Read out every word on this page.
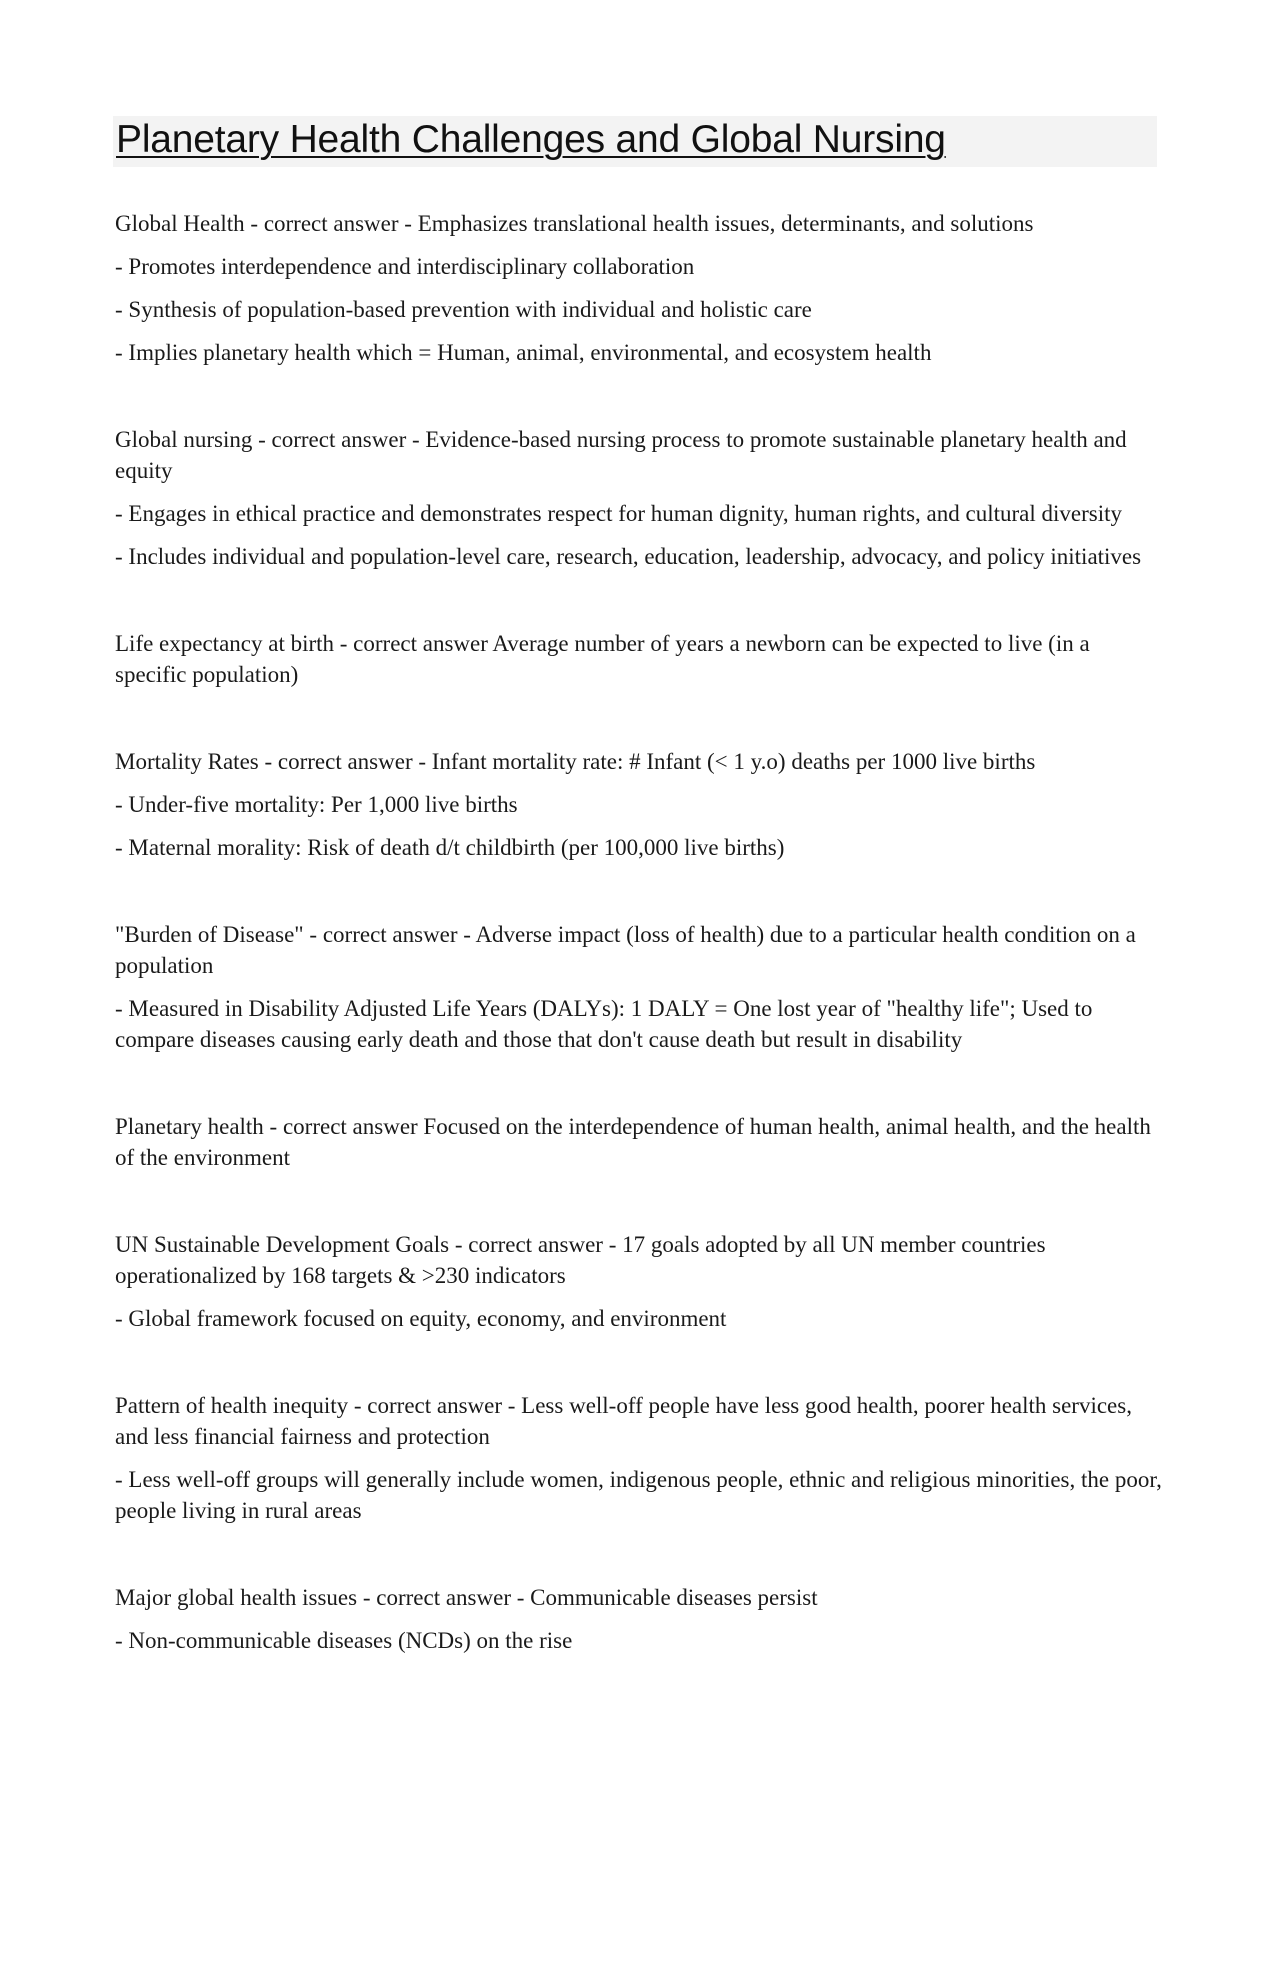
Planetary Health Challenges and Global Nursing

Global Health - correct answer - Emphasizes translational health issues, determinants, and solutions

- Promotes interdependence and interdisciplinary collaboration

- Synthesis of population-based prevention with individual and holistic care

- Implies planetary health which = Human, animal, environmental, and ecosystem health

Global nursing - correct answer - Evidence-based nursing process to promote sustainable planetary health and equity

- Engages in ethical practice and demonstrates respect for human dignity, human rights, and cultural diversity

- Includes individual and population-level care, research, education, leadership, advocacy, and policy initiatives

Life expectancy at birth - correct answer Average number of years a newborn can be expected to live (in a specific population)

Mortality Rates - correct answer - Infant mortality rate: # Infant (< 1 y.o) deaths per 1000 live births

- Under-five mortality: Per 1,000 live births

- Maternal morality: Risk of death d/t childbirth (per 100,000 live births)

"Burden of Disease" - correct answer - Adverse impact (loss of health) due to a particular health condition on a population

- Measured in Disability Adjusted Life Years (DALYs): 1 DALY = One lost year of "healthy life"; Used to compare diseases causing early death and those that don't cause death but result in disability

Planetary health - correct answer Focused on the interdependence of human health, animal health, and the health of the environment

UN Sustainable Development Goals - correct answer - 17 goals adopted by all UN member countries operationalized by 168 targets & >230 indicators

- Global framework focused on equity, economy, and environment

Pattern of health inequity - correct answer - Less well-off people have less good health, poorer health services, and less financial fairness and protection

- Less well-off groups will generally include women, indigenous people, ethnic and religious minorities, the poor, people living in rural areas

Major global health issues - correct answer - Communicable diseases persist

- Non-communicable diseases (NCDs) on the rise
